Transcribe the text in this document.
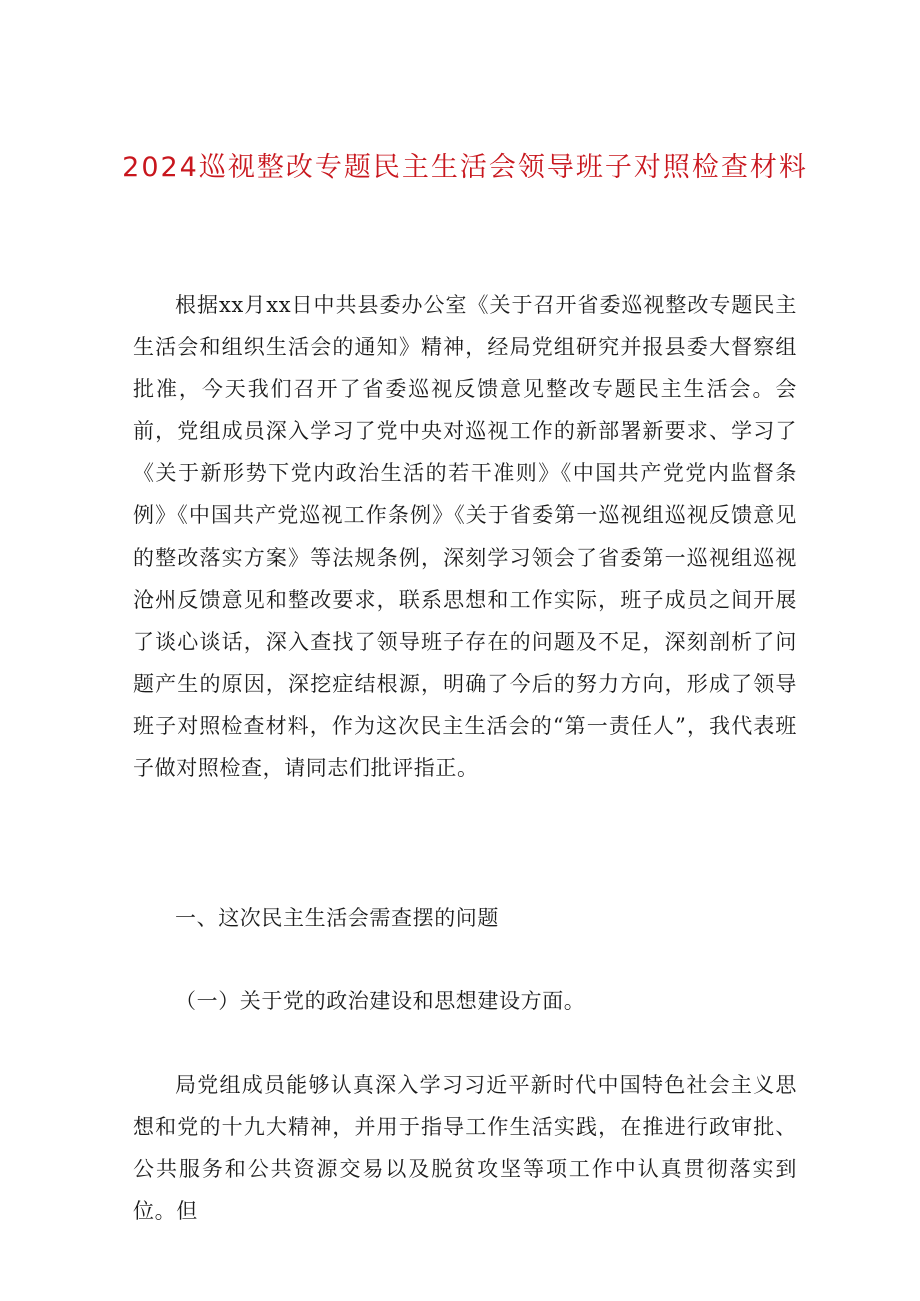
2024巡视整改专题民主生活会领导班子对照检查材料

根据xx月xx日中共县委办公室《关于召开省委巡视整改专题民主生活会和组织生活会的通知》精神，经局党组研究并报县委大督察组批准，今天我们召开了省委巡视反馈意见整改专题民主生活会。会前，党组成员深入学习了党中央对巡视工作的新部署新要求、学习了《关于新形势下党内政治生活的若干准则》《中国共产党党内监督条例》《中国共产党巡视工作条例》《关于省委第一巡视组巡视反馈意见的整改落实方案》等法规条例，深刻学习领会了省委第一巡视组巡视沧州反馈意见和整改要求，联系思想和工作实际，班子成员之间开展了谈心谈话，深入查找了领导班子存在的问题及不足，深刻剖析了问题产生的原因，深挖症结根源，明确了今后的努力方向，形成了领导班子对照检查材料，作为这次民主生活会的“第一责任人”，我代表班子做对照检查，请同志们批评指正。

一、这次民主生活会需查摆的问题

（一）关于党的政治建设和思想建设方面。

局党组成员能够认真深入学习习近平新时代中国特色社会主义思想和党的十九大精神，并用于指导工作生活实践，在推进行政审批、公共服务和公共资源交易以及脱贫攻坚等项工作中认真贯彻落实到位。但
